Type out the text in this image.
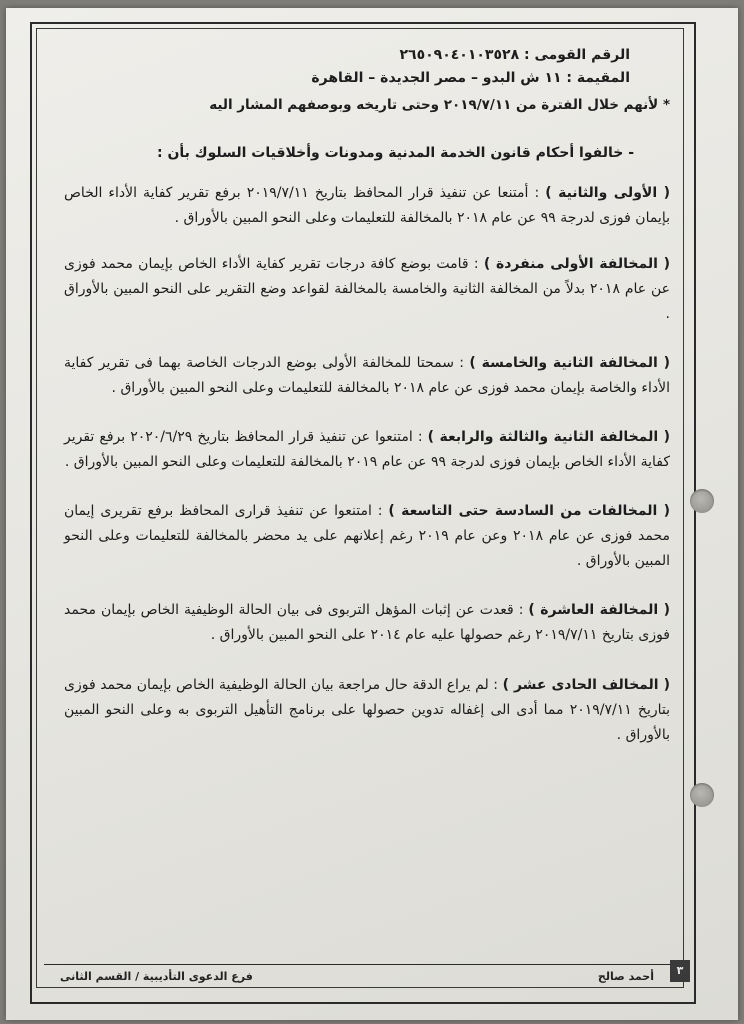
الرقم القومى : ٢٦٥٠٩٠٤٠١٠٣٥٢٨

المقيمة : ١١ ش البدو – مصر الجديدة – القاهرة

* لأنهم خلال الفترة من ٢٠١٩/٧/١١ وحتى تاريخه وبوصفهم المشار اليه

- خالفوا أحكام قانون الخدمة المدنية ومدونات وأخلاقيات السلوك بأن :

( الأولى والثانية ) : أمتنعا عن تنفيذ قرار المحافظ بتاريخ ٢٠١٩/٧/١١ برفع تقرير كفاية الأداء الخاص بإيمان فوزى لدرجة ٩٩ عن عام ٢٠١٨ بالمخالفة للتعليمات وعلى النحو المبين بالأوراق .

( المخالفة الأولى منفردة ) : قامت بوضع كافة درجات تقرير كفاية الأداء الخاص بإيمان محمد فوزى عن عام ٢٠١٨ بدلاً من المخالفة الثانية والخامسة بالمخالفة لقواعد وضع التقرير على النحو المبين بالأوراق .

( المخالفة الثانية والخامسة ) : سمحتا للمخالفة الأولى بوضع الدرجات الخاصة بهما فى تقرير كفاية الأداء والخاصة بإيمان محمد فوزى عن عام ٢٠١٨ بالمخالفة للتعليمات وعلى النحو المبين بالأوراق .

( المخالفة الثانية والثالثة والرابعة ) : امتنعوا عن تنفيذ قرار المحافظ بتاريخ ٢٠٢٠/٦/٢٩ برفع تقرير كفاية الأداء الخاص بإيمان فوزى لدرجة ٩٩ عن عام ٢٠١٩ بالمخالفة للتعليمات وعلى النحو المبين بالأوراق .

( المخالفات من السادسة حتى التاسعة ) : امتنعوا عن تنفيذ قرارى المحافظ برفع تقريرى إيمان محمد فوزى عن عام ٢٠١٨ وعن عام ٢٠١٩ رغم إعلانهم على يد محضر بالمخالفة للتعليمات وعلى النحو المبين بالأوراق .

( المخالفة العاشرة ) : قعدت عن إثبات المؤهل التربوى فى بيان الحالة الوظيفية الخاص بإيمان محمد فوزى بتاريخ ٢٠١٩/٧/١١ رغم حصولها عليه عام ٢٠١٤ على النحو المبين بالأوراق .

( المخالف الحادى عشر ) : لم يراع الدقة حال مراجعة بيان الحالة الوظيفية الخاص بإيمان محمد فوزى بتاريخ ٢٠١٩/٧/١١ مما أدى الى إغفاله تدوين حصولها على برنامج التأهيل التربوى به وعلى النحو المبين بالأوراق .

٣
أحمد صالح
فرع الدعوى التأديبية / القسم الثانى
